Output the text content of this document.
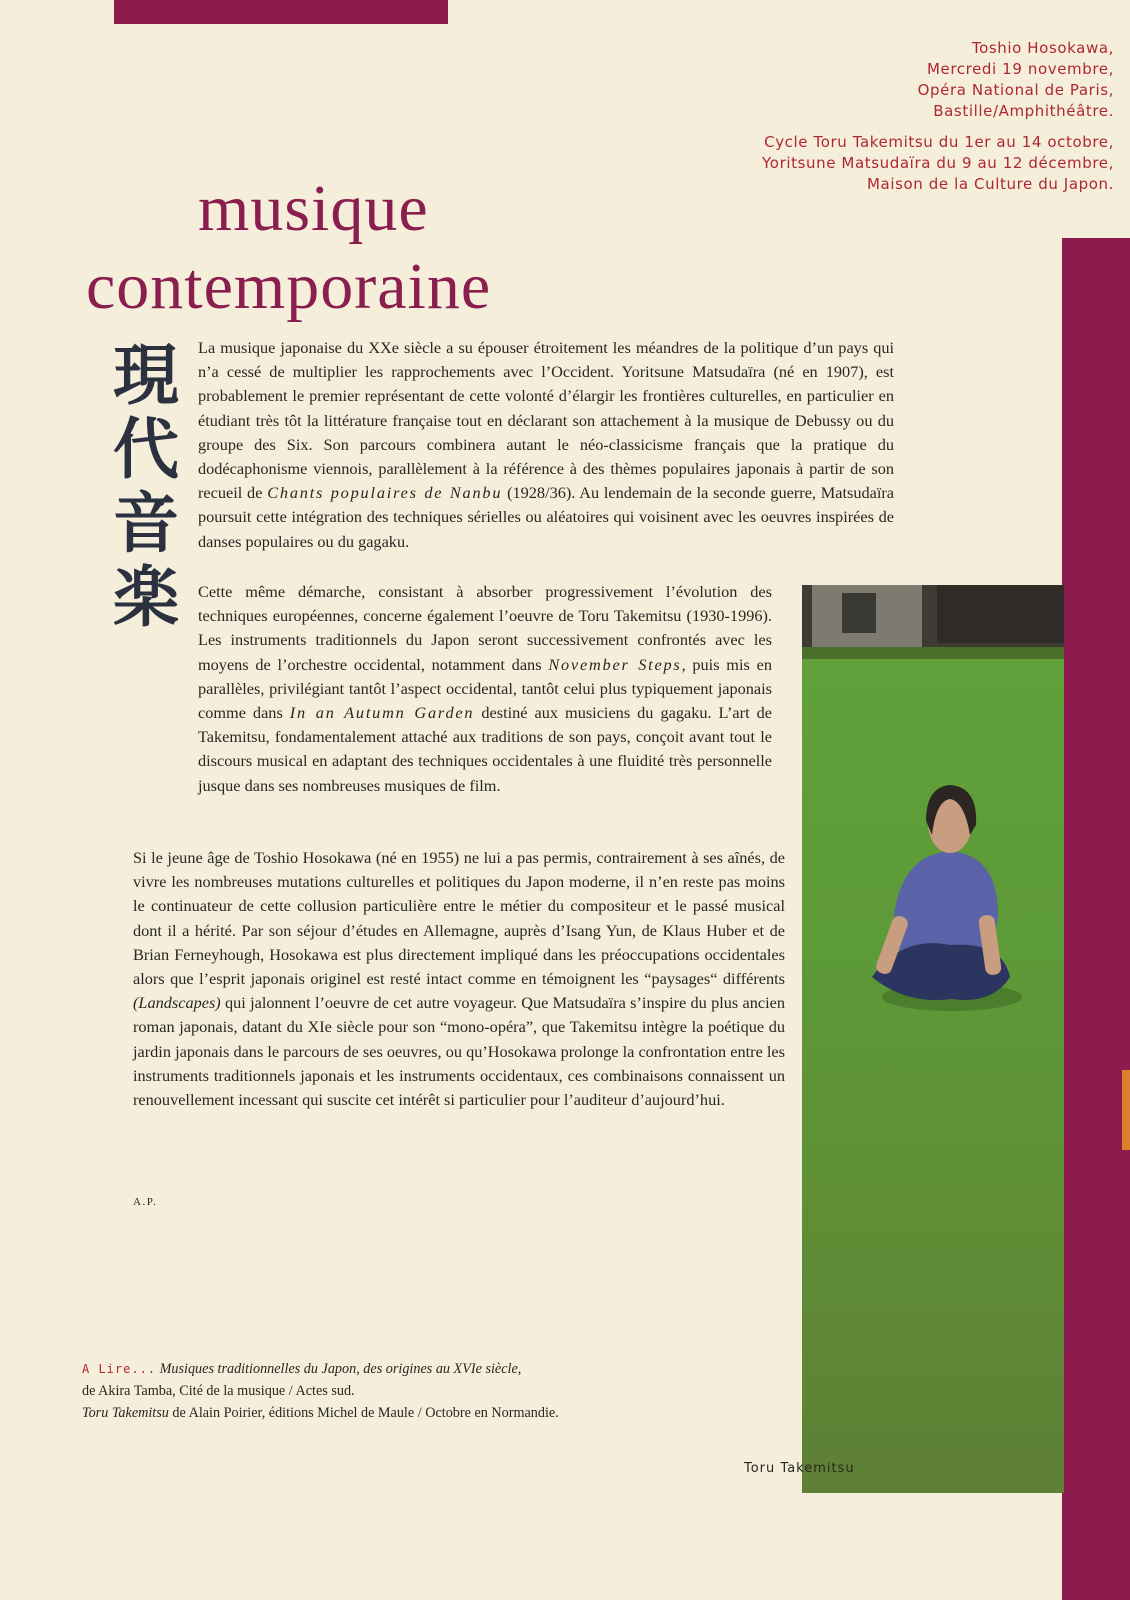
Toshio Hosokawa,

Mercredi 19 novembre,

Opéra National de Paris,

Bastille/Amphithéâtre.

Cycle Toru Takemitsu du 1er au 14 octobre,

Yoritsune Matsudaïra du 9 au 12 décembre,

Maison de la Culture du Japon.

musique
contemporaine
現
代
音
楽

La musique japonaise du XXe siècle a su épouser étroitement les méandres de la politique d’un pays qui n’a cessé de multiplier les rapprochements avec l’Occident. Yoritsune Matsudaïra (né en 1907), est probablement le premier représentant de cette volonté d’élargir les frontières culturelles, en particulier en étudiant très tôt la littérature française tout en déclarant son attachement à la musique de Debussy ou du groupe des Six. Son parcours combinera autant le néo-classicisme français que la pratique du dodécaphonisme viennois, parallèlement à la référence à des thèmes populaires japonais à partir de son recueil de Chants populaires de Nanbu (1928/36). Au lendemain de la seconde guerre, Matsudaïra poursuit cette intégration des techniques sérielles ou aléatoires qui voisinent avec les oeuvres inspirées de danses populaires ou du gagaku.

Cette même démarche, consistant à absorber progressivement l’évolution des techniques européennes, concerne également l’oeuvre de Toru Takemitsu (1930-1996). Les instruments traditionnels du Japon seront successivement confrontés avec les moyens de l’orchestre occidental, notamment dans November Steps, puis mis en parallèles, privilégiant tantôt l’aspect occidental, tantôt celui plus typiquement japonais comme dans In an Autumn Garden destiné aux musiciens du gagaku. L’art de Takemitsu, fondamentalement attaché aux traditions de son pays, conçoit avant tout le discours musical en adaptant des techniques occidentales à une fluidité très personnelle jusque dans ses nombreuses musiques de film.

Si le jeune âge de Toshio Hosokawa (né en 1955) ne lui a pas permis, contrairement à ses aînés, de vivre les nombreuses mutations culturelles et politiques du Japon moderne, il n’en reste pas moins le continuateur de cette collusion particulière entre le métier du compositeur et le passé musical dont il a hérité. Par son séjour d’études en Allemagne, auprès d’Isang Yun, de Klaus Huber et de Brian Ferneyhough, Hosokawa est plus directement impliqué dans les préoccupations occidentales alors que l’esprit japonais originel est resté intact comme en témoignent les “paysages“ différents (Landscapes) qui jalonnent l’oeuvre de cet autre voyageur. Que Matsudaïra s’inspire du plus ancien roman japonais, datant du XIe siècle pour son “mono-opéra”, que Takemitsu intègre la poétique du jardin japonais dans le parcours de ses oeuvres, ou qu’Hosokawa prolonge la confrontation entre les instruments traditionnels japonais et les instruments occidentaux, ces combinaisons connaissent un renouvellement incessant qui suscite cet intérêt si particulier pour l’auditeur d’aujourd’hui.

A.P.
Toru Takemitsu

A Lire... Musiques traditionnelles du Japon, des origines au XVIe siècle,

de Akira Tamba, Cité de la musique / Actes sud.

Toru Takemitsu de Alain Poirier, éditions Michel de Maule / Octobre en Normandie.
